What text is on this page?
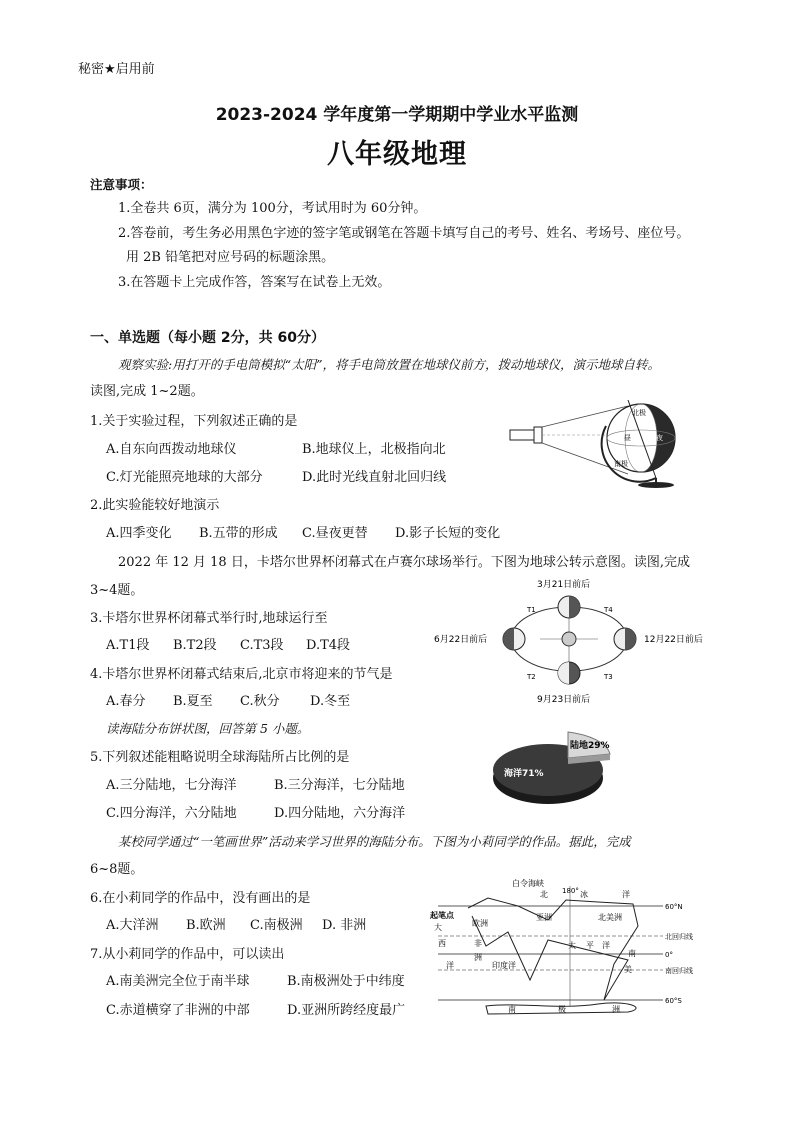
秘密★启用前
2023-2024 学年度第一学期期中学业水平监测
八年级地理
注意事项：
1.全卷共 6页，满分为 100分，考试用时为 60分钟。
2.答卷前，考生务必用黑色字迹的签字笔或钢笔在答题卡填写自己的考号、姓名、考场号、座位号。
用 2B 铅笔把对应号码的标题涂黑。
3.在答题卡上完成作答，答案写在试卷上无效。
一、单选题（每小题 2分，共 60分）
观察实验:用打开的手电筒模拟“太阳”，将手电筒放置在地球仪前方，拨动地球仪，演示地球自转。
读图,完成 1~2题。
1.关于实验过程，下列叙述正确的是
A.自东向西拨动地球仪	B.地球仪上，北极指向北
C.灯光能照亮地球的大部分	D.此时光线直射北回归线
2.此实验能较好地演示
A.四季变化 B.五带的形成 C.昼夜更替 D.影子长短的变化
2022 年 12 月 18 日，卡塔尔世界杯闭幕式在卢赛尔球场举行。下图为地球公转示意图。读图,完成
3~4题。
3.卡塔尔世界杯闭幕式举行时,地球运行至
A.T1段 B.T2段 C.T3段 D.T4段
4.卡塔尔世界杯闭幕式结束后,北京市将迎来的节气是
A.春分 B.夏至 C.秋分 D.冬至
读海陆分布饼状图，回答第 5 小题。
5.下列叙述能粗略说明全球海陆所占比例的是
A.三分陆地，七分海洋	B.三分海洋，七分陆地
C.四分海洋，六分陆地	D.四分陆地，六分海洋
某校同学通过“一笔画世界”活动来学习世界的海陆分布。下图为小莉同学的作品。据此，完成
6~8题。
6.在小莉同学的作品中，没有画出的是
A.大洋洲 B.欧洲 C.南极洲 D. 非洲
7.从小莉同学的作品中，可以读出
A.南美洲完全位于南半球	B.南极洲处于中纬度
C.赤道横穿了非洲的中部	D.亚洲所跨经度最广
北极
南极
昼	夜
3月21日前后
6月22日前后	12月22日前后
9月23日前后
T1
T2	T3
T4
陆地29%
海洋71%
白令海峡
180°
北	冰	洋
起笔点
大	欧洲
亚洲	北美洲
西	非
洲
太 平 洋
洋	印度洋
南
美
南	极	洲
60°N
北回归线
0°
南回归线
60°S
